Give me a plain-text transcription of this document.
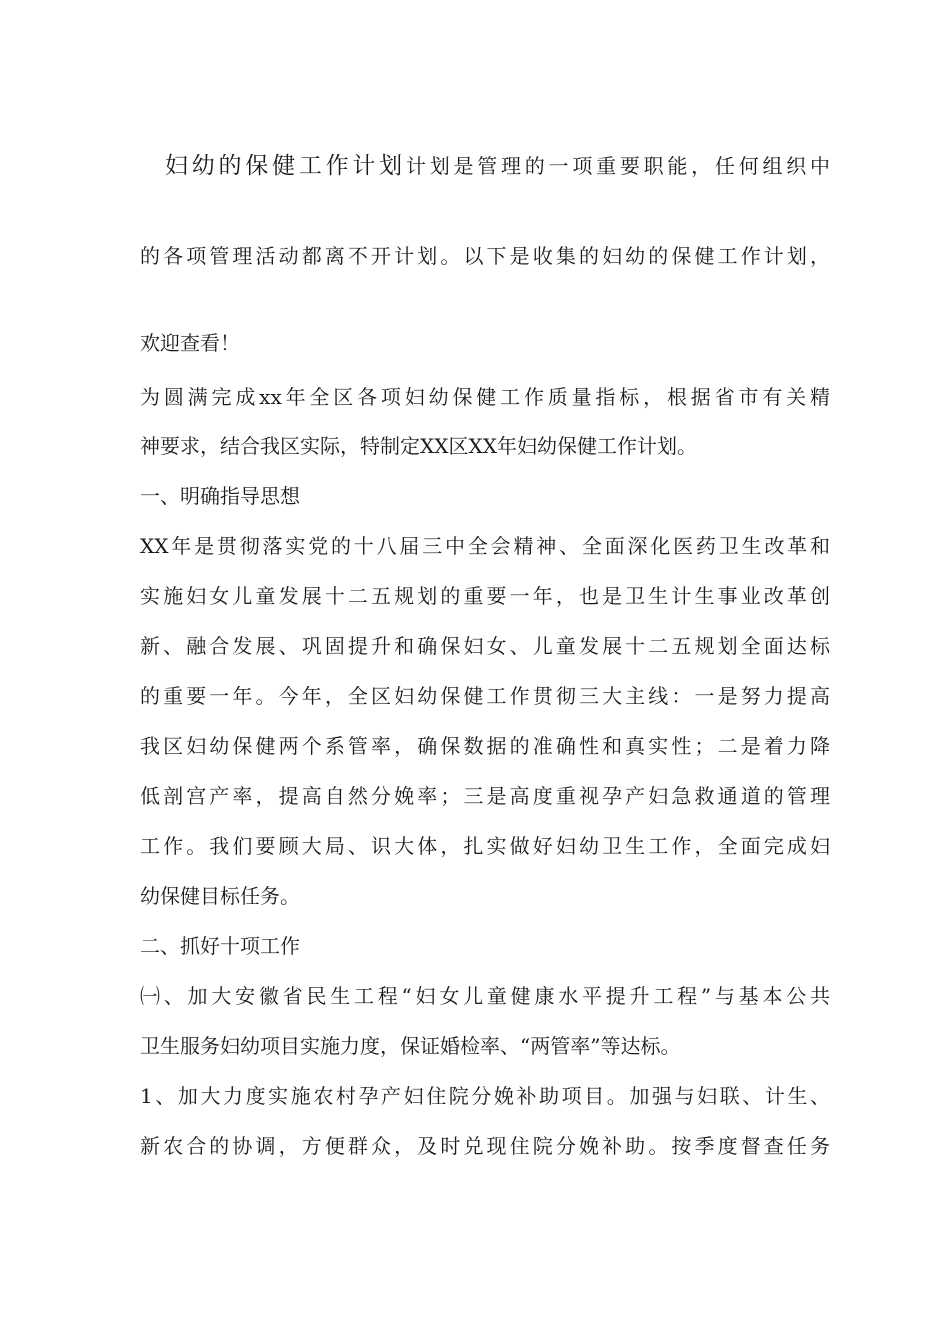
妇幼的保健工作计划计划是管理的一项重要职能，任何组织中

的各项管理活动都离不开计划。以下是收集的妇幼的保健工作计划，

欢迎查看！

为圆满完成xx年全区各项妇幼保健工作质量指标，根据省市有关精

神要求，结合我区实际，特制定XX区XX年妇幼保健工作计划。

一、明确指导思想

XX年是贯彻落实党的十八届三中全会精神、全面深化医药卫生改革和

实施妇女儿童发展十二五规划的重要一年，也是卫生计生事业改革创

新、融合发展、巩固提升和确保妇女、儿童发展十二五规划全面达标

的重要一年。今年，全区妇幼保健工作贯彻三大主线：一是努力提高

我区妇幼保健两个系管率，确保数据的准确性和真实性；二是着力降

低剖宫产率，提高自然分娩率；三是高度重视孕产妇急救通道的管理

工作。我们要顾大局、识大体，扎实做好妇幼卫生工作，全面完成妇

幼保健目标任务。

二、抓好十项工作

㈠、加大安徽省民生工程“妇女儿童健康水平提升工程”与基本公共

卫生服务妇幼项目实施力度，保证婚检率、“两管率”等达标。

1、加大力度实施农村孕产妇住院分娩补助项目。加强与妇联、计生、

新农合的协调，方便群众，及时兑现住院分娩补助。按季度督查任务
